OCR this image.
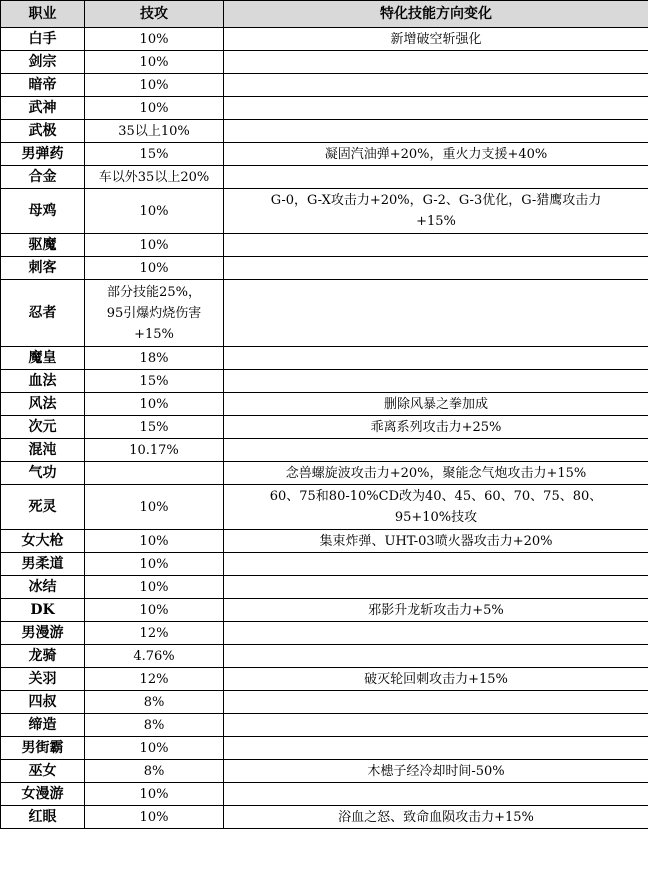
职业	技攻	特化技能方向变化
白手	10%	新增破空斩强化
剑宗	10%	
暗帝	10%	
武神	10%	
武极	35以上10%	
男弹药	15%	凝固汽油弹+20%，重火力支援+40%
合金	车以外35以上20%	
母鸡	10%	G-0，G-X攻击力+20%，G-2、G-3优化，G-猎鹰攻击力
+15%
驱魔	10%	
刺客	10%	
忍者	部分技能25%，
95引爆灼烧伤害
+15%	
魔皇	18%	
血法	15%	
风法	10%	删除风暴之拳加成
次元	15%	乖离系列攻击力+25%
混沌	10.17%	
气功		念兽螺旋波攻击力+20%，聚能念气炮攻击力+15%
死灵	10%	60、75和80-10%CD改为40、45、60、70、75、80、
95+10%技攻
女大枪	10%	集束炸弹、UHT-03喷火器攻击力+20%
男柔道	10%	
冰结	10%	
DK	10%	邪影升龙斩攻击力+5%
男漫游	12%	
龙骑	4.76%	
关羽	12%	破灭轮回刺攻击力+15%
四叔	8%	
缔造	8%	
男街霸	10%	
巫女	8%	木槵子经冷却时间-50%
女漫游	10%	
红眼	10%	浴血之怒、致命血陨攻击力+15%
